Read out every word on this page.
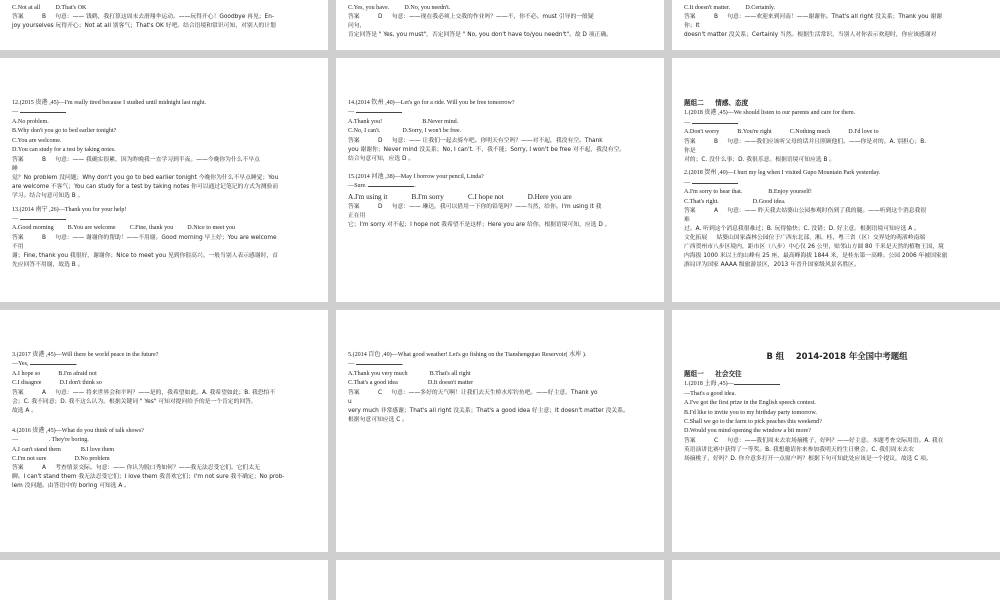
C.Not at all          D.That's OK

答案          B     句意：—— 钱鹤，我打算这周末去滑翔伞运动。——玩得开心！Goodbye 再见；En-

joy yourselves 玩得开心；Not at all 别客气；That's OK 好吧。结合语境和常识可知，对别人的计划

C.Yes, you have.          D.No, you needn't.

答案          D     句意：——现在我必须上交我的作业吗？——不，你不必。must 引导的一般疑

问句，

肯定回答是 " Yes, you must"，否定回答是 " No, you don't have to/you needn't"。故 D 项正确。

C.It doesn't matter.          D.Certainly.

答案          B     句意：——欢迎来到河南！——谢谢你。That's all right 没关系；Thank you 谢谢

你；It

doesn't matter 没关系；Certainly 当然。根据生活常识，当别人对你表示欢迎时，你应该感谢对

12.(2015 贵港 ,45)—I'm really tired because I studied until midnight last night.

—

A.No problem.

B.Why don't you go to bed earlier tonight?

C.You are welcome.

D.You can study for a test by taking notes.

答案          B     句意：—— 我确实很累，因为昨晚我一直学习到半夜。——今晚你为什么不早点

睡

觉？No problem 没问题；Why don't you go to bed earlier tonight 今晚你为什么不早点睡觉；You

are welcome 不客气；You can study for a test by taking notes 你可以通过记笔记的方式为测验而

学习。结合句意可知选 B 。

13.(2014 南宁 ,26)—Thank you for your help!

—

A.Good morning B.You are welcome C.Fine, thank you D.Nice to meet you

答案          B     句意：—— 谢谢你的帮助！——不用谢。Good morning 早上好；You are welcome

不用

谢；Fine, thank you 我很好，谢谢你；Nice to meet you 见到你很高兴。一般当别人表示感谢时，首

先应回答不用谢，故选 B 。

14.(2014 钦州 ,40)—Let's go for a ride. Will you be free tomorrow?

—

A.Thank you!	B.Never mind.
C.No, I can't.	D.Sorry, I won't be free.

答案          D     句意：—— 让我们一起去骑车吧。你明天有空吗？——对不起，我没有空。Thank

you 谢谢你；Never mind 没关系；No, I can't. 不，我不能；Sorry, I won't be free 对不起，我没有空。

结合句意可知，应选 D 。

15.(2014 河池 ,38)—May I borrow your pencil, Linda?

—Sure.	.

A.I'm using it	B.I'm sorry	C.I hope not	D.Here you are

答案          D     句意：—— 琳达，我可以借用一下你的铅笔吗？——当然，给你。I'm using it 我

正在用

它；I'm sorry 对不起；I hope not 我希望不是这样；Here you are 给你。根据语境可知，应选 D 。

题组二     情感、态度

1.(2018 贵港 ,45)—We should listen to our parents and care for them.

—

A.Don't worry	B.You're right	C.Nothing much	D.I'd love to

答案          B     句意：——我们应该听父母的话并且照顾他们。——你是对的。A. 别担心；B.

你是

对的；C. 没什么事；D. 我很乐意。根据语境可知应选 B 。

2.(2018 贺州 ,40)—I hurt my leg when I visited Gupo Mountain Park yesterday.

—

A.I'm sorry to hear that.	B.Enjoy yourself!
C.That's right.	D.Good idea.

答案          A     句意：—— 昨天我去姑婆山公园参观时伤到了我的腿。——听到这个消息我很

难

过。A. 听到这个消息我很难过；B. 玩得愉快；C. 没错；D. 好主意。根据语境可知应选 A 。

文化拓展     姑婆山国家森林公园位于广西东北部，湘、桂、粤三省（区）交界处的萌渚岭南端

广西贺州市八步区境内，距市区（八步）中心仅 26 公里，贴邻山方圆 80 千米是天然的植物王国，境

内海拔 1000 米以上的山峰有 25 座，最高峰海拔 1844 米，是桂东第一高峰。公园 2006 年被国家旅

游局评为国家 AAAA 级旅游景区，2013 年晋升国家级风景名胜区。

3.(2017 贵港 ,45)—Will there be world peace in the future?

—Yes,	.

A.I hope so	B.I'm afraid not
C.I disagree	D.I don't think so

答案          A     句意：—— 将来世界会和平吗？——是的，我希望如此。A. 我希望如此；B. 我恐怕不

会；C. 我不同意；D. 我不这么认为。根据关键词 " Yes" 可知对提问给予的是一个肯定的回答，

故选 A 。

4.(2016 贵港 ,45)—What do you think of talk shows?

—                    . They're boring.

A.I can't stand them	B.I love them
C.I'm not sure	D.No problem

答案          A     考查情景交际。句意：—— 你认为脱口秀如何？——我无法忍受它们。它们太无

聊。I can't stand them 我无法忍受它们；I love them 我喜欢它们；I'm not sure 我不确定；No prob-

lem 没问题。由答语中的 boring 可知选 A 。

5.(2014 百色 ,40)—What good weather! Let's go fishing on the Tianshengqiao Reservoir( 水库 ).

—	.

A.Thank you very much	B.That's all right
C.That's a good idea	D.It doesn't matter

答案          C     句意：——多好的天气啊！让我们去天生桥水库钓鱼吧。——好主意。Thank yo

u

very much 非常感谢；That's all right 没关系；That's a good idea 好主意；It doesn't matter 没关系。

根据句意可知应选 C 。

B 组    2014-2018 年全国中考题组

题组一     社会交往

1.(2018 上海 ,45)—

—That's a good idea.

A.I've got the first prize in the English speech contest.

B.I'd like to invite you to my birthday party tomorrow.

C.Shall we go to the farm to pick peaches this weekend?

D.Would you mind opening the window a bit more?

答案          C     句意：——我们周末去农场摘桃子，好吗？——好主意。本题考查交际用语。A. 我在

英语演讲比赛中获得了一等奖。B. 我想邀请你来参加我明天的生日聚会。C. 我们周末去农

场摘桃子，好吗？D. 你介意多打开一点窗户吗？根据下句可知此处应该是一个提议，故选 C 项。
